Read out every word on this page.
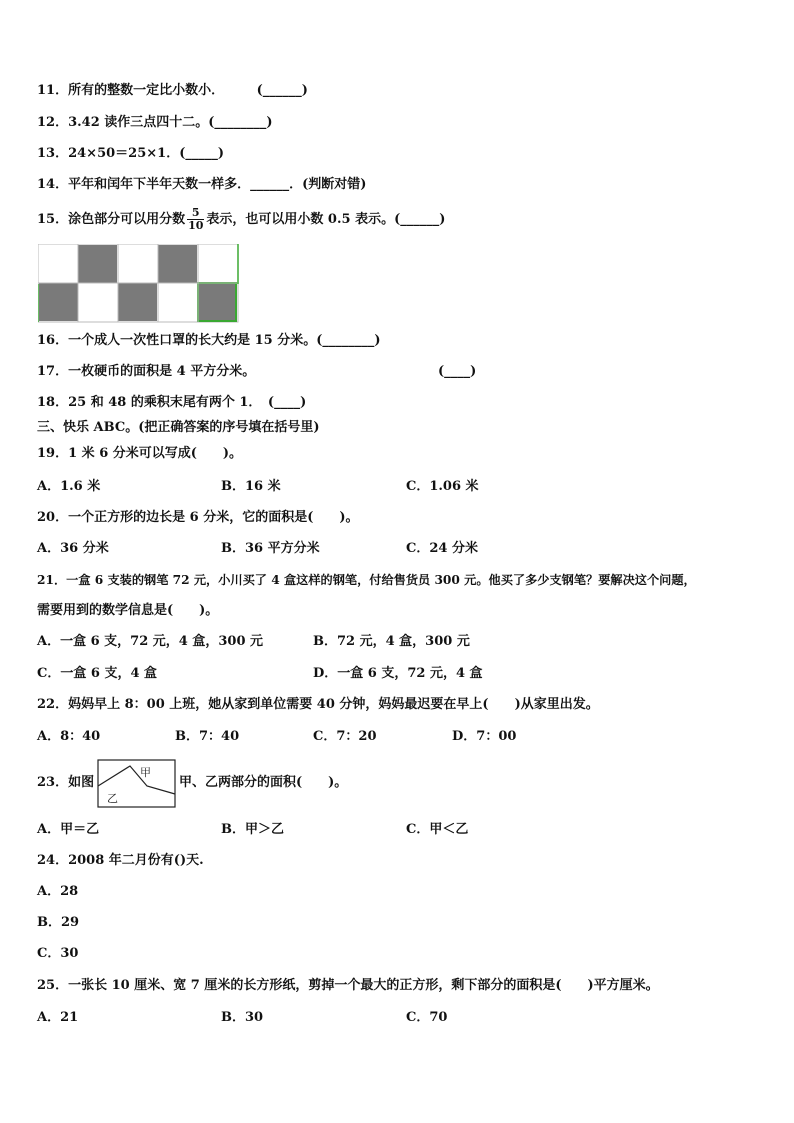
11．所有的整数一定比小数小．　　　(______)
12．3.42 读作三点四十二。(________)
13．24×50＝25×1．(_____)
14．平年和闰年下半年天数一样多．______．(判断对错)
15．涂色部分可以用分数 $\frac{5}{10}$ 表示，也可以用小数 0.5 表示。(______)
16．一个成人一次性口罩的长大约是 15 分米。(________)
17．一枚硬币的面积是 4 平方分米。	(____)
18．25 和 48 的乘积末尾有两个 1．　(____)
三、快乐 ABC。(把正确答案的序号填在括号里)
19．1 米 6 分米可以写成(　　)。
A．1.6 米	B．16 米	C．1.06 米
20．一个正方形的边长是 6 分米，它的面积是(　　)。
A．36 分米	B．36 平方分米	C．24 分米
21．一盒 6 支装的钢笔 72 元，小川买了 4 盒这样的钢笔，付给售货员 300 元。他买了多少支钢笔？要解决这个问题，
需要用到的数学信息是(　　)。
A．一盒 6 支，72 元，4 盒，300 元	B．72 元，4 盒，300 元
C．一盒 6 支，4 盒	D．一盒 6 支，72 元，4 盒
22．妈妈早上 8：00 上班，她从家到单位需要 40 分钟，妈妈最迟要在早上(　　)从家里出发。
A．8：40	B．7：40	C．7：20	D．7：00
23．如图
甲
乙
甲、乙两部分的面积(　　)。
A．甲＝乙	B．甲＞乙	C．甲＜乙
24．2008 年二月份有()天.
A．28
B．29
C．30
25．一张长 10 厘米、宽 7 厘米的长方形纸，剪掉一个最大的正方形，剩下部分的面积是(　　)平方厘米。
A．21	B．30	C．70
